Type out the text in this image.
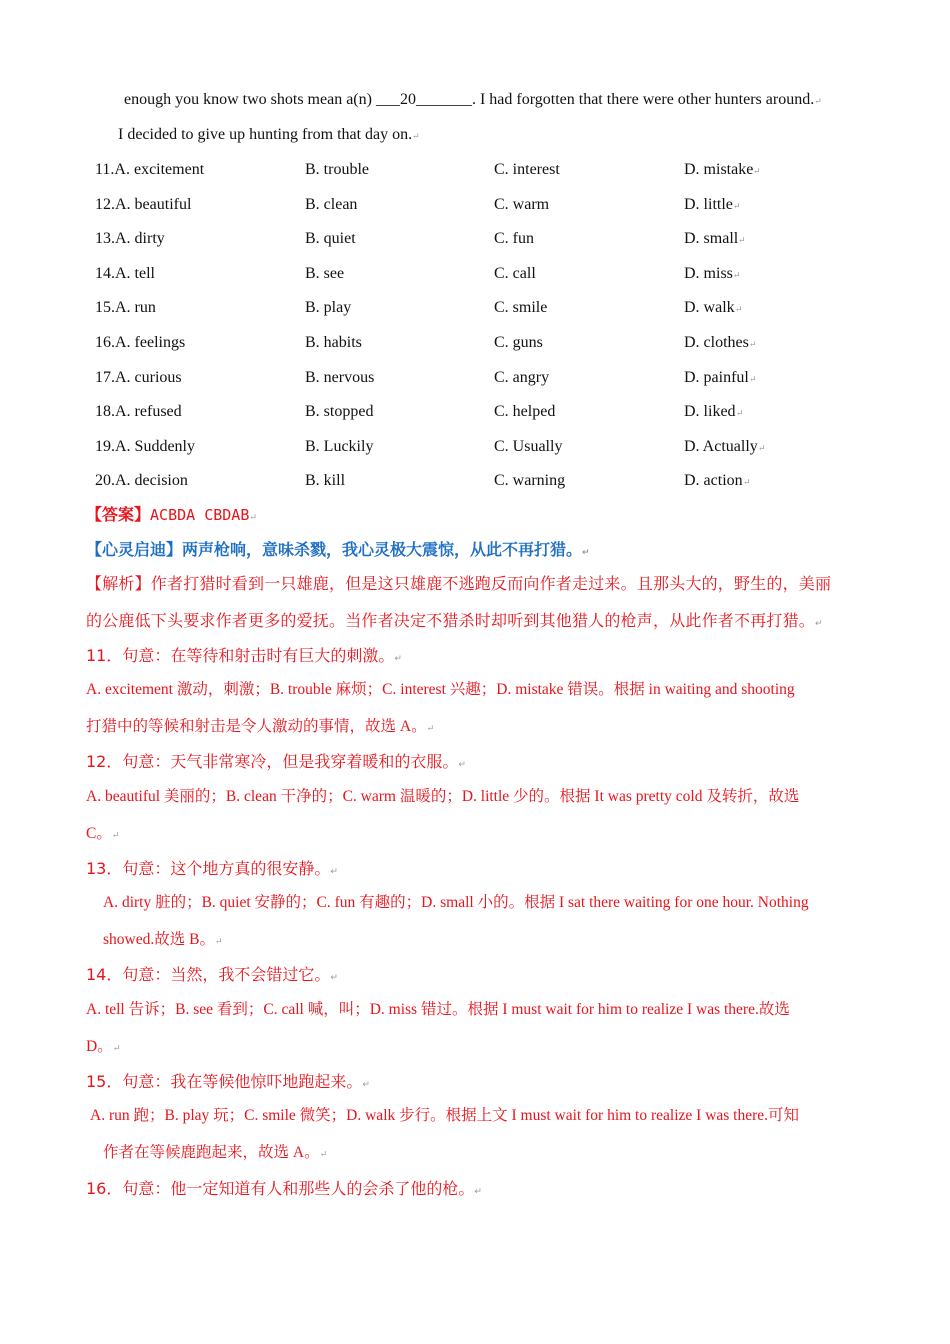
enough you know two shots mean a(n) ___20_______. I had forgotten that there were other hunters around.↵
I decided to give up hunting from that day on.↵
11.A. excitement	B. trouble	C. interest	D. mistake ↵
12.A. beautiful	B. clean	C. warm	D. little ↵
13.A. dirty	B. quiet	C. fun	D. small ↵
14.A. tell	B. see	C. call	D. miss ↵
15.A. run	B. play	C. smile	D. walk ↵
16.A. feelings	B. habits	C. guns	D. clothes ↵
17.A. curious	B. nervous	C. angry	D. painful ↵
18.A. refused	B. stopped	C. helped	D. liked ↵
19.A. Suddenly	B. Luckily	C. Usually	D. Actually ↵
20.A. decision	B. kill	C. warning	D. action ↵
【答案】ACBDA CBDAB↵
【心灵启迪】两声枪响，意味杀戮，我心灵极大震惊，从此不再打猎。↵
【解析】作者打猎时看到一只雄鹿，但是这只雄鹿不逃跑反而向作者走过来。且那头大的，野生的，美丽
的公鹿低下头要求作者更多的爱抚。当作者决定不猎杀时却听到其他猎人的枪声，从此作者不再打猎。↵
11．句意：在等待和射击时有巨大的刺激。↵
A. excitement 激动，刺激；B. trouble 麻烦；C. interest 兴趣；D. mistake 错误。根据 in waiting and shooting
打猎中的等候和射击是令人激动的事情，故选 A。↵
12．句意：天气非常寒冷，但是我穿着暖和的衣服。↵
A. beautiful 美丽的；B. clean 干净的；C. warm 温暖的；D. little 少的。根据 It was pretty cold 及转折，故选
C。↵
13．句意：这个地方真的很安静。↵
A. dirty 脏的；B. quiet 安静的；C. fun 有趣的；D. small 小的。根据 I sat there waiting for one hour. Nothing
showed.故选 B。↵
14．句意：当然，我不会错过它。↵
A. tell 告诉；B. see 看到；C. call 喊，叫；D. miss 错过。根据 I must wait for him to realize I was there.故选
D。↵
15．句意：我在等候他惊吓地跑起来。↵
A. run 跑；B. play 玩；C. smile 微笑；D. walk 步行。根据上文 I must wait for him to realize I was there.可知
作者在等候鹿跑起来，故选 A。↵
16．句意：他一定知道有人和那些人的会杀了他的枪。↵
